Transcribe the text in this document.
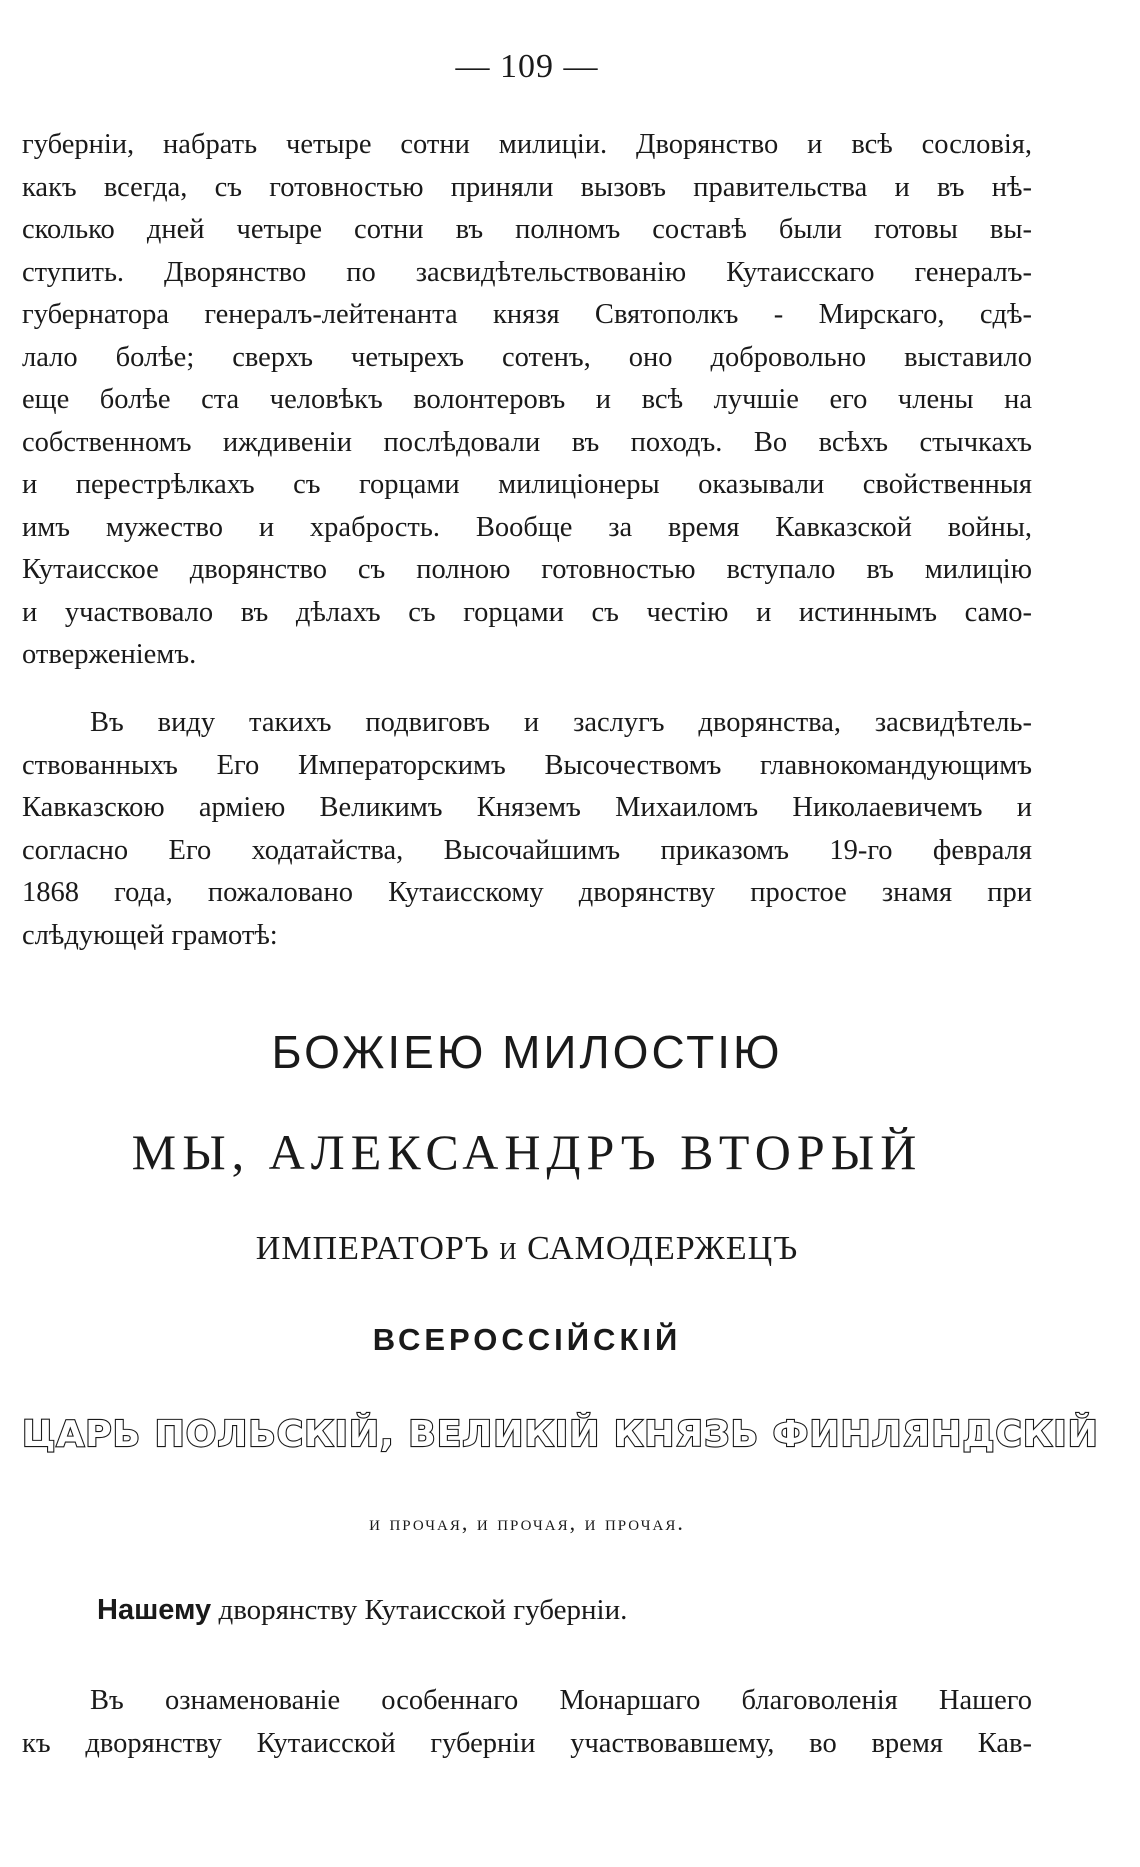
— 109 —
губерніи, набрать четыре сотни милиціи. Дворянство и всѣ сословія,
какъ всегда, съ готовностью приняли вызовъ правительства и въ нѣ-
сколько дней четыре сотни въ полномъ составѣ были готовы вы-
ступить. Дворянство по засвидѣтельствованію Кутаисскаго генералъ-
губернатора генералъ-лейтенанта князя Святополкъ - Мирскаго, сдѣ-
лало болѣе; сверхъ четырехъ сотенъ, оно добровольно выставило
еще болѣе ста человѣкъ волонтеровъ и всѣ лучшіе его члены на
собственномъ иждивеніи послѣдовали въ походъ. Во всѣхъ стычкахъ
и перестрѣлкахъ съ горцами милиціонеры оказывали свойственныя
имъ мужество и храбрость. Вообще за время Кавказской войны,
Кутаисское дворянство съ полною готовностью вступало въ милицію
и участвовало въ дѣлахъ съ горцами съ честію и истиннымъ само-
отверженіемъ.
Въ виду такихъ подвиговъ и заслугъ дворянства, засвидѣтель-
ствованныхъ Его Императорскимъ Высочествомъ главнокомандующимъ
Кавказскою арміею Великимъ Княземъ Михаиломъ Николаевичемъ и
согласно Его ходатайства, Высочайшимъ приказомъ 19-го февраля
1868 года, пожаловано Кутаисскому дворянству простое знамя при
слѣдующей грамотѣ:
БОЖІЕЮ МИЛОСТІЮ
МЫ, АЛЕКСАНДРЪ ВТОРЫЙ
ИМПЕРАТОРЪ и САМОДЕРЖЕЦЪ
ВСЕРОССІЙСКІЙ
ЦАРЬ ПОЛЬСКІЙ, ВЕЛИКІЙ КНЯЗЬ ФИНЛЯНДСКІЙ
и прочая, и прочая, и прочая.
Нашему дворянству Кутаисской губерніи.
Въ ознаменованіе особеннаго Монаршаго благоволенія Нашего
къ дворянству Кутаисской губерніи участвовавшему, во время Кав-
